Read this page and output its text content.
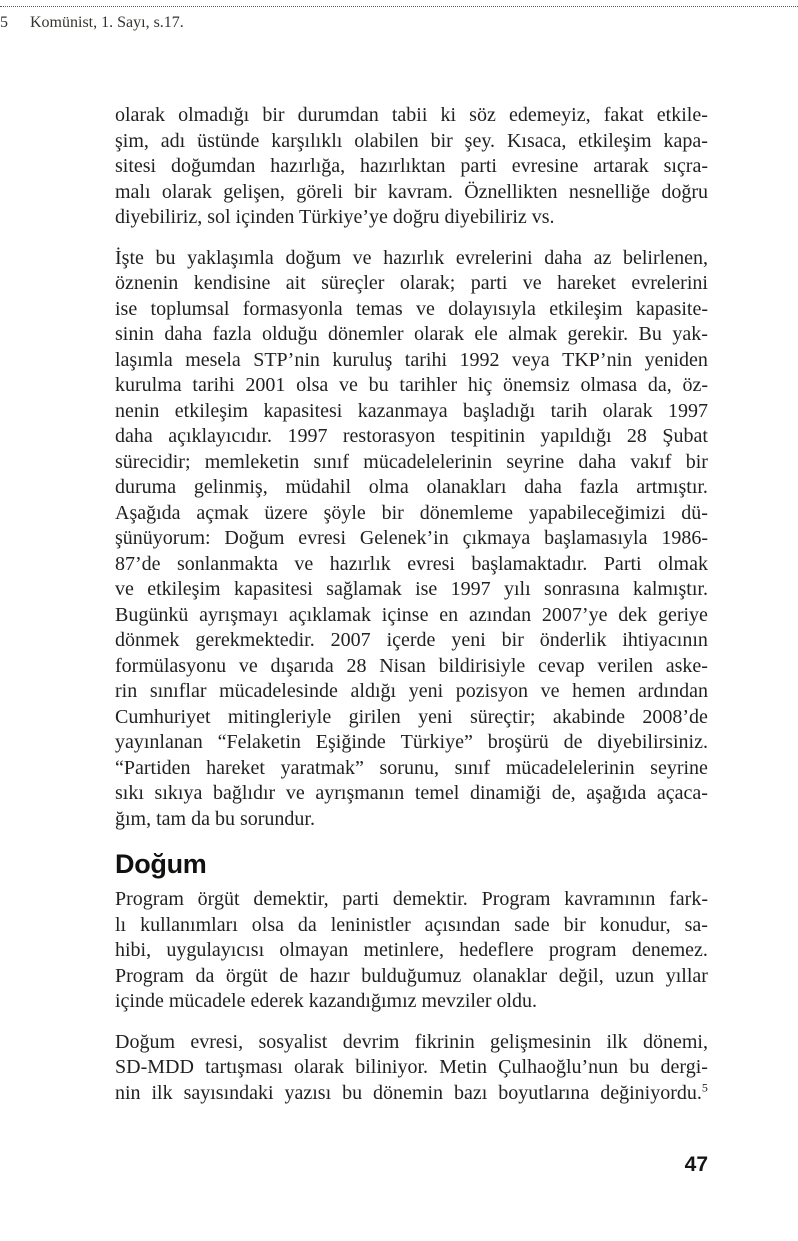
olarak olmadığı bir durumdan tabii ki söz edemeyiz, fakat etkile-
şim, adı üstünde karşılıklı olabilen bir şey. Kısaca, etkileşim kapa-
sitesi doğumdan hazırlığa, hazırlıktan parti evresine artarak sıçra-
malı olarak gelişen, göreli bir kavram. Öznellikten nesnelliğe doğru
diyebiliriz, sol içinden Türkiye’ye doğru diyebiliriz vs.
İşte bu yaklaşımla doğum ve hazırlık evrelerini daha az belirlenen,
öznenin kendisine ait süreçler olarak; parti ve hareket evrelerini
ise toplumsal formasyonla temas ve dolayısıyla etkileşim kapasite-
sinin daha fazla olduğu dönemler olarak ele almak gerekir. Bu yak-
laşımla mesela STP’nin kuruluş tarihi 1992 veya TKP’nin yeniden
kurulma tarihi 2001 olsa ve bu tarihler hiç önemsiz olmasa da, öz-
nenin etkileşim kapasitesi kazanmaya başladığı tarih olarak 1997
daha açıklayıcıdır. 1997 restorasyon tespitinin yapıldığı 28 Şubat
sürecidir; memleketin sınıf mücadelelerinin seyrine daha vakıf bir
duruma gelinmiş, müdahil olma olanakları daha fazla artmıştır.
Aşağıda açmak üzere şöyle bir dönemleme yapabileceğimizi dü-
şünüyorum: Doğum evresi Gelenek’in çıkmaya başlamasıyla 1986-
87’de sonlanmakta ve hazırlık evresi başlamaktadır. Parti olmak
ve etkileşim kapasitesi sağlamak ise 1997 yılı sonrasına kalmıştır.
Bugünkü ayrışmayı açıklamak içinse en azından 2007’ye dek geriye
dönmek gerekmektedir. 2007 içerde yeni bir önderlik ihtiyacının
formülasyonu ve dışarıda 28 Nisan bildirisiyle cevap verilen aske-
rin sınıflar mücadelesinde aldığı yeni pozisyon ve hemen ardından
Cumhuriyet mitingleriyle girilen yeni süreçtir; akabinde 2008’de
yayınlanan “Felaketin Eşiğinde Türkiye” broşürü de diyebilirsiniz.
“Partiden hareket yaratmak” sorunu, sınıf mücadelelerinin seyrine
sıkı sıkıya bağlıdır ve ayrışmanın temel dinamiği de, aşağıda açaca-
ğım, tam da bu sorundur.
Doğum
Program örgüt demektir, parti demektir. Program kavramının fark-
lı kullanımları olsa da leninistler açısından sade bir konudur, sa-
hibi, uygulayıcısı olmayan metinlere, hedeflere program denemez.
Program da örgüt de hazır bulduğumuz olanaklar değil, uzun yıllar
içinde mücadele ederek kazandığımız mevziler oldu.
Doğum evresi, sosyalist devrim fikrinin gelişmesinin ilk dönemi,
SD-MDD tartışması olarak biliniyor. Metin Çulhaoğlu’nun bu dergi-
nin ilk sayısındaki yazısı bu dönemin bazı boyutlarına değiniyordu.$^5$
5	Komünist, 1. Sayı, s.17.
47
